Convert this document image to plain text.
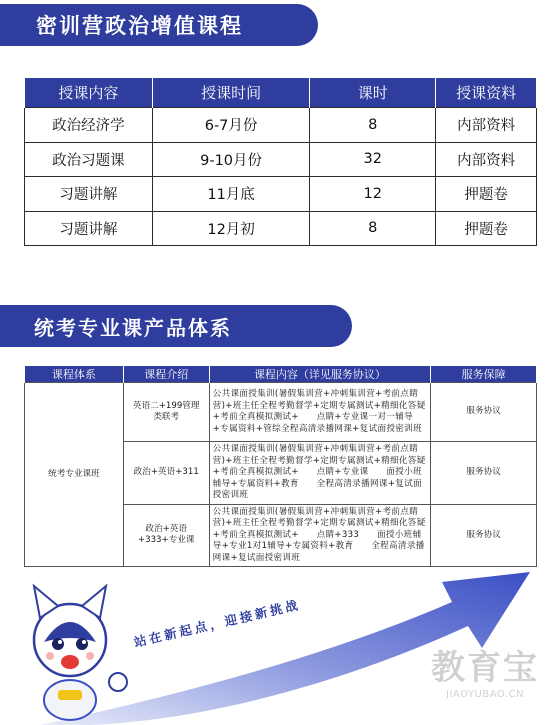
密训营政治增值课程
授课内容	授课时间	课时	授课资料
政治经济学	6-7月份	8	内部资料
政治习题课	9-10月份	32	内部资料
习题讲解	11月底	12	押题卷
习题讲解	12月初	8	押题卷
统考专业课产品体系
课程体系	课程介绍	课程内容（详见服务协议）	服务保障
统考专业课班	英语二+199管理类联考	公共课面授集训(暑假集训营+冲刺集训营+考前点睛营)+班主任全程考勤督学+定期专属测试+精细化答疑+考前全真模拟测试+　　点睛+专业课一对一辅导+专属资料+管综全程高清录播网课+复试面授密训班	服务协议
	政治+英语+311	公共课面授集训(暑假集训营+冲刺集训营+考前点睛营)+班主任全程考勤督学+定期专属测试+精细化答疑+考前全真模拟测试+　　点睛+专业课　　面授小班辅导+专属资料+教育　　全程高清录播网课+复试面授密训班	服务协议
	政治+英语+333+专业课	公共课面授集训(暑假集训营+冲刺集训营+考前点睛营)+班主任全程考勤督学+定期专属测试+精细化答疑+考前全真模拟测试+　　点睛+333　　面授小班辅导+专业1对1辅导+专属资料+教育　　全程高清录播网课+复试面授密训班	服务协议
站在新起点，迎接新挑战
教育宝
JIAOYUBAO.CN
